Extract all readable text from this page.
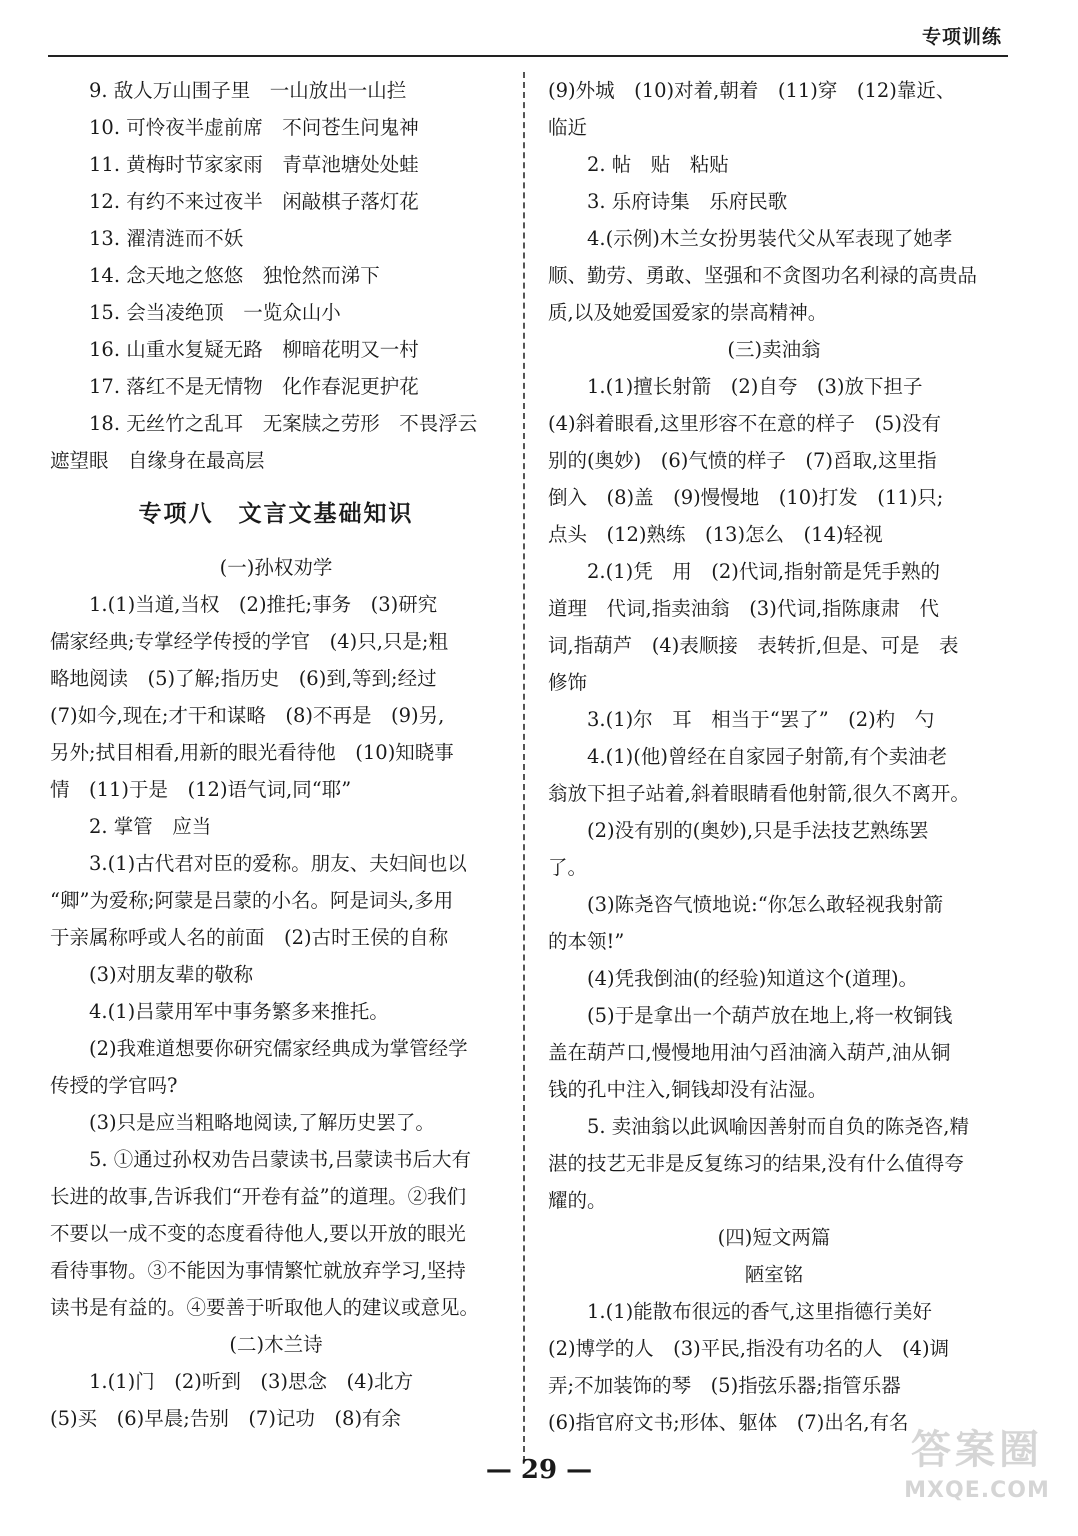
专项训练
9. 敌人万山围子里　一山放出一山拦
10. 可怜夜半虚前席　不问苍生问鬼神
11. 黄梅时节家家雨　青草池塘处处蛙
12. 有约不来过夜半　闲敲棋子落灯花
13. 濯清涟而不妖
14. 念天地之悠悠　独怆然而涕下
15. 会当凌绝顶　一览众山小
16. 山重水复疑无路　柳暗花明又一村
17. 落红不是无情物　化作春泥更护花
18. 无丝竹之乱耳　无案牍之劳形　不畏浮云
遮望眼　自缘身在最高层
专项八　文言文基础知识
(一)孙权劝学
1.(1)当道,当权　(2)推托;事务　(3)研究
儒家经典;专掌经学传授的学官　(4)只,只是;粗
略地阅读　(5)了解;指历史　(6)到,等到;经过
(7)如今,现在;才干和谋略　(8)不再是　(9)另,
另外;拭目相看,用新的眼光看待他　(10)知晓事
情　(11)于是　(12)语气词,同“耶”
2. 掌管　应当
3.(1)古代君对臣的爱称。朋友、夫妇间也以
“卿”为爱称;阿蒙是吕蒙的小名。阿是词头,多用
于亲属称呼或人名的前面　(2)古时王侯的自称
(3)对朋友辈的敬称
4.(1)吕蒙用军中事务繁多来推托。
(2)我难道想要你研究儒家经典成为掌管经学
传授的学官吗?
(3)只是应当粗略地阅读,了解历史罢了。
5. ①通过孙权劝告吕蒙读书,吕蒙读书后大有
长进的故事,告诉我们“开卷有益”的道理。②我们
不要以一成不变的态度看待他人,要以开放的眼光
看待事物。③不能因为事情繁忙就放弃学习,坚持
读书是有益的。④要善于听取他人的建议或意见。
(二)木兰诗
1.(1)门　(2)听到　(3)思念　(4)北方
(5)买　(6)早晨;告别　(7)记功　(8)有余
(9)外城　(10)对着,朝着　(11)穿　(12)靠近、
临近
2. 帖　贴　粘贴
3. 乐府诗集　乐府民歌
4.(示例)木兰女扮男装代父从军表现了她孝
顺、勤劳、勇敢、坚强和不贪图功名利禄的高贵品
质,以及她爱国爱家的崇高精神。
(三)卖油翁
1.(1)擅长射箭　(2)自夸　(3)放下担子
(4)斜着眼看,这里形容不在意的样子　(5)没有
别的(奥妙)　(6)气愤的样子　(7)舀取,这里指
倒入　(8)盖　(9)慢慢地　(10)打发　(11)只;
点头　(12)熟练　(13)怎么　(14)轻视
2.(1)凭　用　(2)代词,指射箭是凭手熟的
道理　代词,指卖油翁　(3)代词,指陈康肃　代
词,指葫芦　(4)表顺接　表转折,但是、可是　表
修饰
3.(1)尔　耳　相当于“罢了”　(2)杓　勺
4.(1)(他)曾经在自家园子射箭,有个卖油老
翁放下担子站着,斜着眼睛看他射箭,很久不离开。
(2)没有别的(奥妙),只是手法技艺熟练罢
了。
(3)陈尧咨气愤地说:“你怎么敢轻视我射箭
的本领!”
(4)凭我倒油(的经验)知道这个(道理)。
(5)于是拿出一个葫芦放在地上,将一枚铜钱
盖在葫芦口,慢慢地用油勺舀油滴入葫芦,油从铜
钱的孔中注入,铜钱却没有沾湿。
5. 卖油翁以此讽喻因善射而自负的陈尧咨,精
湛的技艺无非是反复练习的结果,没有什么值得夸
耀的。
(四)短文两篇
陋室铭
1.(1)能散布很远的香气,这里指德行美好
(2)博学的人　(3)平民,指没有功名的人　(4)调
弄;不加装饰的琴　(5)指弦乐器;指管乐器
(6)指官府文书;形体、躯体　(7)出名,有名
— 29 —	答案圈
MXQE.COM
